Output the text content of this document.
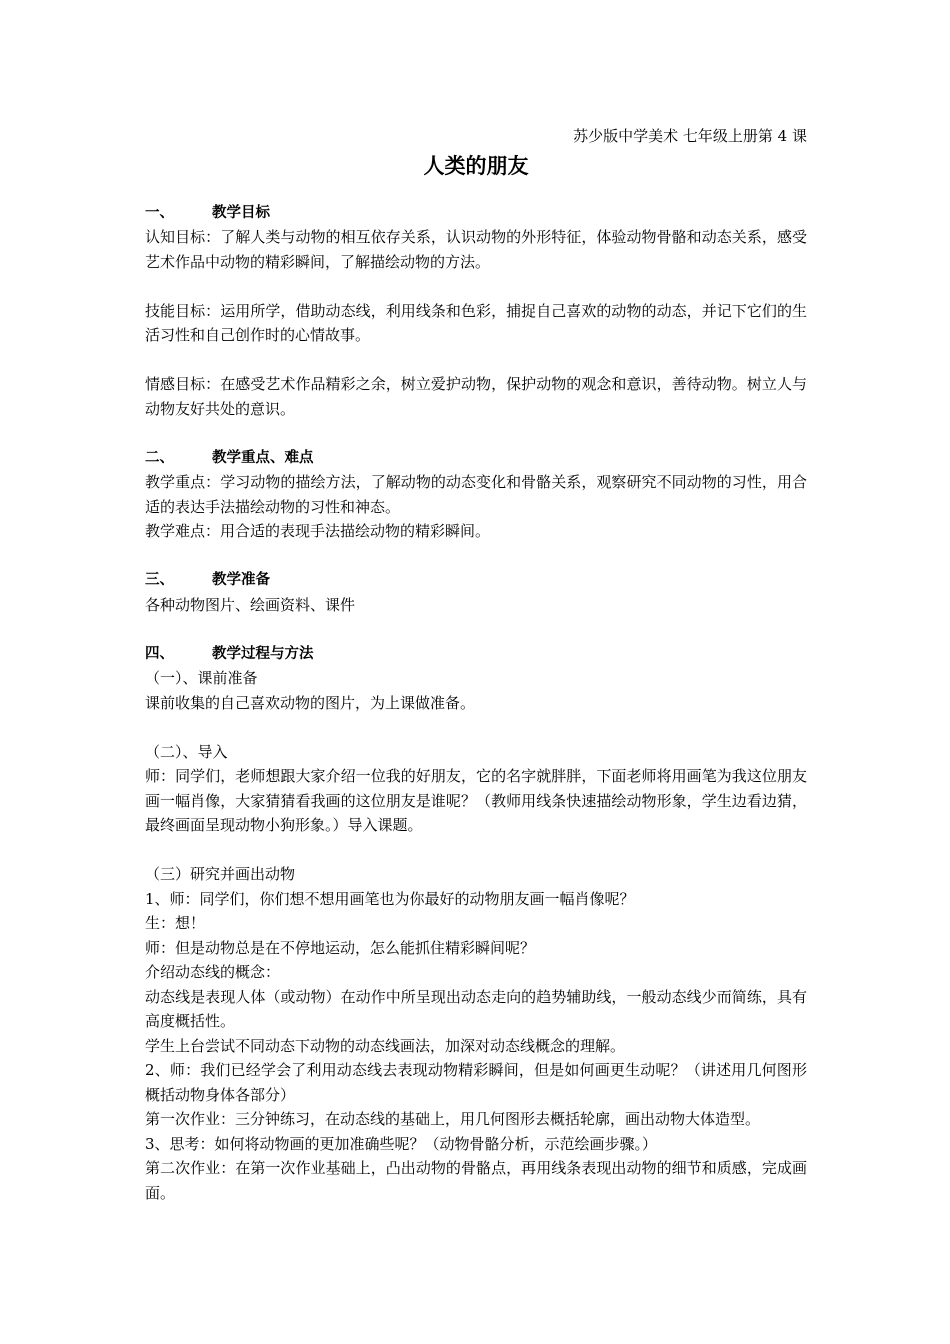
苏少版中学美术 七年级上册第 4 课

人类的朋友
一、	教学目标

认知目标：了解人类与动物的相互依存关系，认识动物的外形特征，体验动物骨骼和动态关系，感受艺术作品中动物的精彩瞬间，了解描绘动物的方法。

技能目标：运用所学，借助动态线，利用线条和色彩，捕捉自己喜欢的动物的动态，并记下它们的生活习性和自己创作时的心情故事。

情感目标：在感受艺术作品精彩之余，树立爱护动物，保护动物的观念和意识，善待动物。树立人与动物友好共处的意识。

二、	教学重点、难点

教学重点：学习动物的描绘方法，了解动物的动态变化和骨骼关系，观察研究不同动物的习性，用合适的表达手法描绘动物的习性和神态。

教学难点：用合适的表现手法描绘动物的精彩瞬间。

三、	教学准备

各种动物图片、绘画资料、课件

四、	教学过程与方法

（一）、课前准备

课前收集的自己喜欢动物的图片，为上课做准备。

（二）、导入

师：同学们，老师想跟大家介绍一位我的好朋友，它的名字就胖胖，下面老师将用画笔为我这位朋友画一幅肖像，大家猜猜看我画的这位朋友是谁呢？（教师用线条快速描绘动物形象，学生边看边猜，最终画面呈现动物小狗形象。）导入课题。

（三）研究并画出动物

1、师：同学们，你们想不想用画笔也为你最好的动物朋友画一幅肖像呢？

生：想！

师：但是动物总是在不停地运动，怎么能抓住精彩瞬间呢？

介绍动态线的概念：

动态线是表现人体（或动物）在动作中所呈现出动态走向的趋势辅助线，一般动态线少而简练，具有高度概括性。

学生上台尝试不同动态下动物的动态线画法，加深对动态线概念的理解。

2、师：我们已经学会了利用动态线去表现动物精彩瞬间，但是如何画更生动呢？（讲述用几何图形概括动物身体各部分）

第一次作业：三分钟练习，在动态线的基础上，用几何图形去概括轮廓，画出动物大体造型。

3、思考：如何将动物画的更加准确些呢？（动物骨骼分析，示范绘画步骤。）

第二次作业：在第一次作业基础上，凸出动物的骨骼点，再用线条表现出动物的细节和质感，完成画面。
